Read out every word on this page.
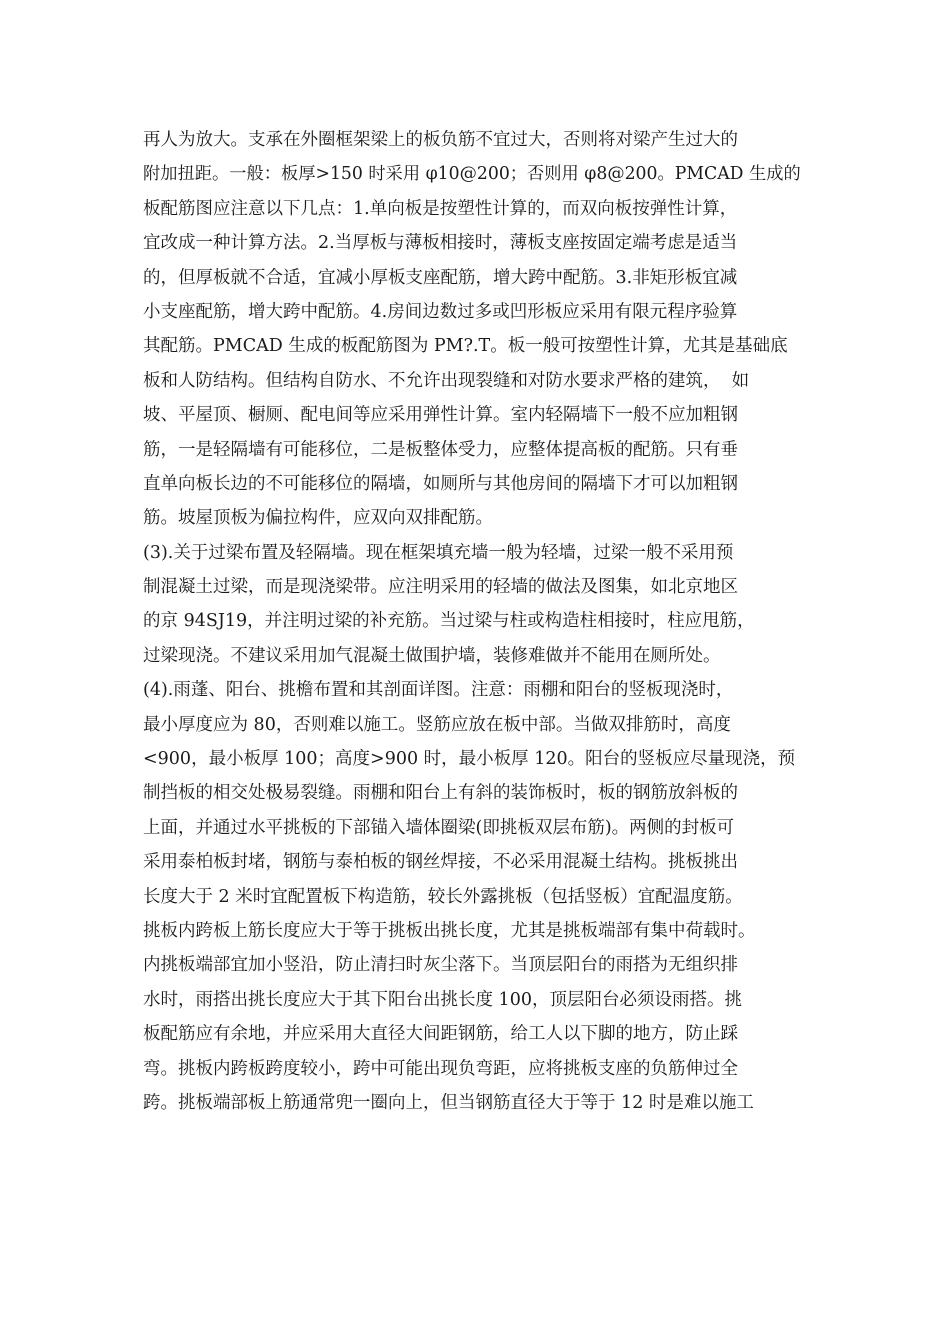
再人为放大。支承在外圈框架梁上的板负筋不宜过大，否则将对梁产生过大的
附加扭距。一般：板厚>150 时采用 φ10@200；否则用 φ8@200。PMCAD 生成的
板配筋图应注意以下几点：1.单向板是按塑性计算的，而双向板按弹性计算，
宜改成一种计算方法。2.当厚板与薄板相接时，薄板支座按固定端考虑是适当
的，但厚板就不合适，宜减小厚板支座配筋，增大跨中配筋。3.非矩形板宜减
小支座配筋，增大跨中配筋。4.房间边数过多或凹形板应采用有限元程序验算
其配筋。PMCAD 生成的板配筋图为 PM?.T。板一般可按塑性计算，尤其是基础底
板和人防结构。但结构自防水、不允许出现裂缝和对防水要求严格的建筑，  如
坡、平屋顶、橱厕、配电间等应采用弹性计算。室内轻隔墙下一般不应加粗钢
筋，一是轻隔墙有可能移位，二是板整体受力，应整体提高板的配筋。只有垂
直单向板长边的不可能移位的隔墙，如厕所与其他房间的隔墙下才可以加粗钢
筋。坡屋顶板为偏拉构件，应双向双排配筋。
(3).关于过梁布置及轻隔墙。现在框架填充墙一般为轻墙，过梁一般不采用预
制混凝土过梁，而是现浇梁带。应注明采用的轻墙的做法及图集，如北京地区
的京 94SJ19，并注明过梁的补充筋。当过梁与柱或构造柱相接时，柱应甩筋，
过梁现浇。不建议采用加气混凝土做围护墙，装修难做并不能用在厕所处。
(4).雨蓬、阳台、挑檐布置和其剖面详图。注意：雨棚和阳台的竖板现浇时，
最小厚度应为 80，否则难以施工。竖筋应放在板中部。当做双排筋时，高度
<900，最小板厚 100；高度>900 时，最小板厚 120。阳台的竖板应尽量现浇，预
制挡板的相交处极易裂缝。雨棚和阳台上有斜的装饰板时，板的钢筋放斜板的
上面，并通过水平挑板的下部锚入墙体圈梁(即挑板双层布筋)。两侧的封板可
采用泰柏板封堵，钢筋与泰柏板的钢丝焊接，不必采用混凝土结构。挑板挑出
长度大于 2 米时宜配置板下构造筋，较长外露挑板（包括竖板）宜配温度筋。
挑板内跨板上筋长度应大于等于挑板出挑长度，尤其是挑板端部有集中荷载时。
内挑板端部宜加小竖沿，防止清扫时灰尘落下。当顶层阳台的雨搭为无组织排
水时，雨搭出挑长度应大于其下阳台出挑长度 100，顶层阳台必须设雨搭。挑
板配筋应有余地，并应采用大直径大间距钢筋，给工人以下脚的地方，防止踩
弯。挑板内跨板跨度较小，跨中可能出现负弯距，应将挑板支座的负筋伸过全
跨。挑板端部板上筋通常兜一圈向上，但当钢筋直径大于等于 12 时是难以施工
